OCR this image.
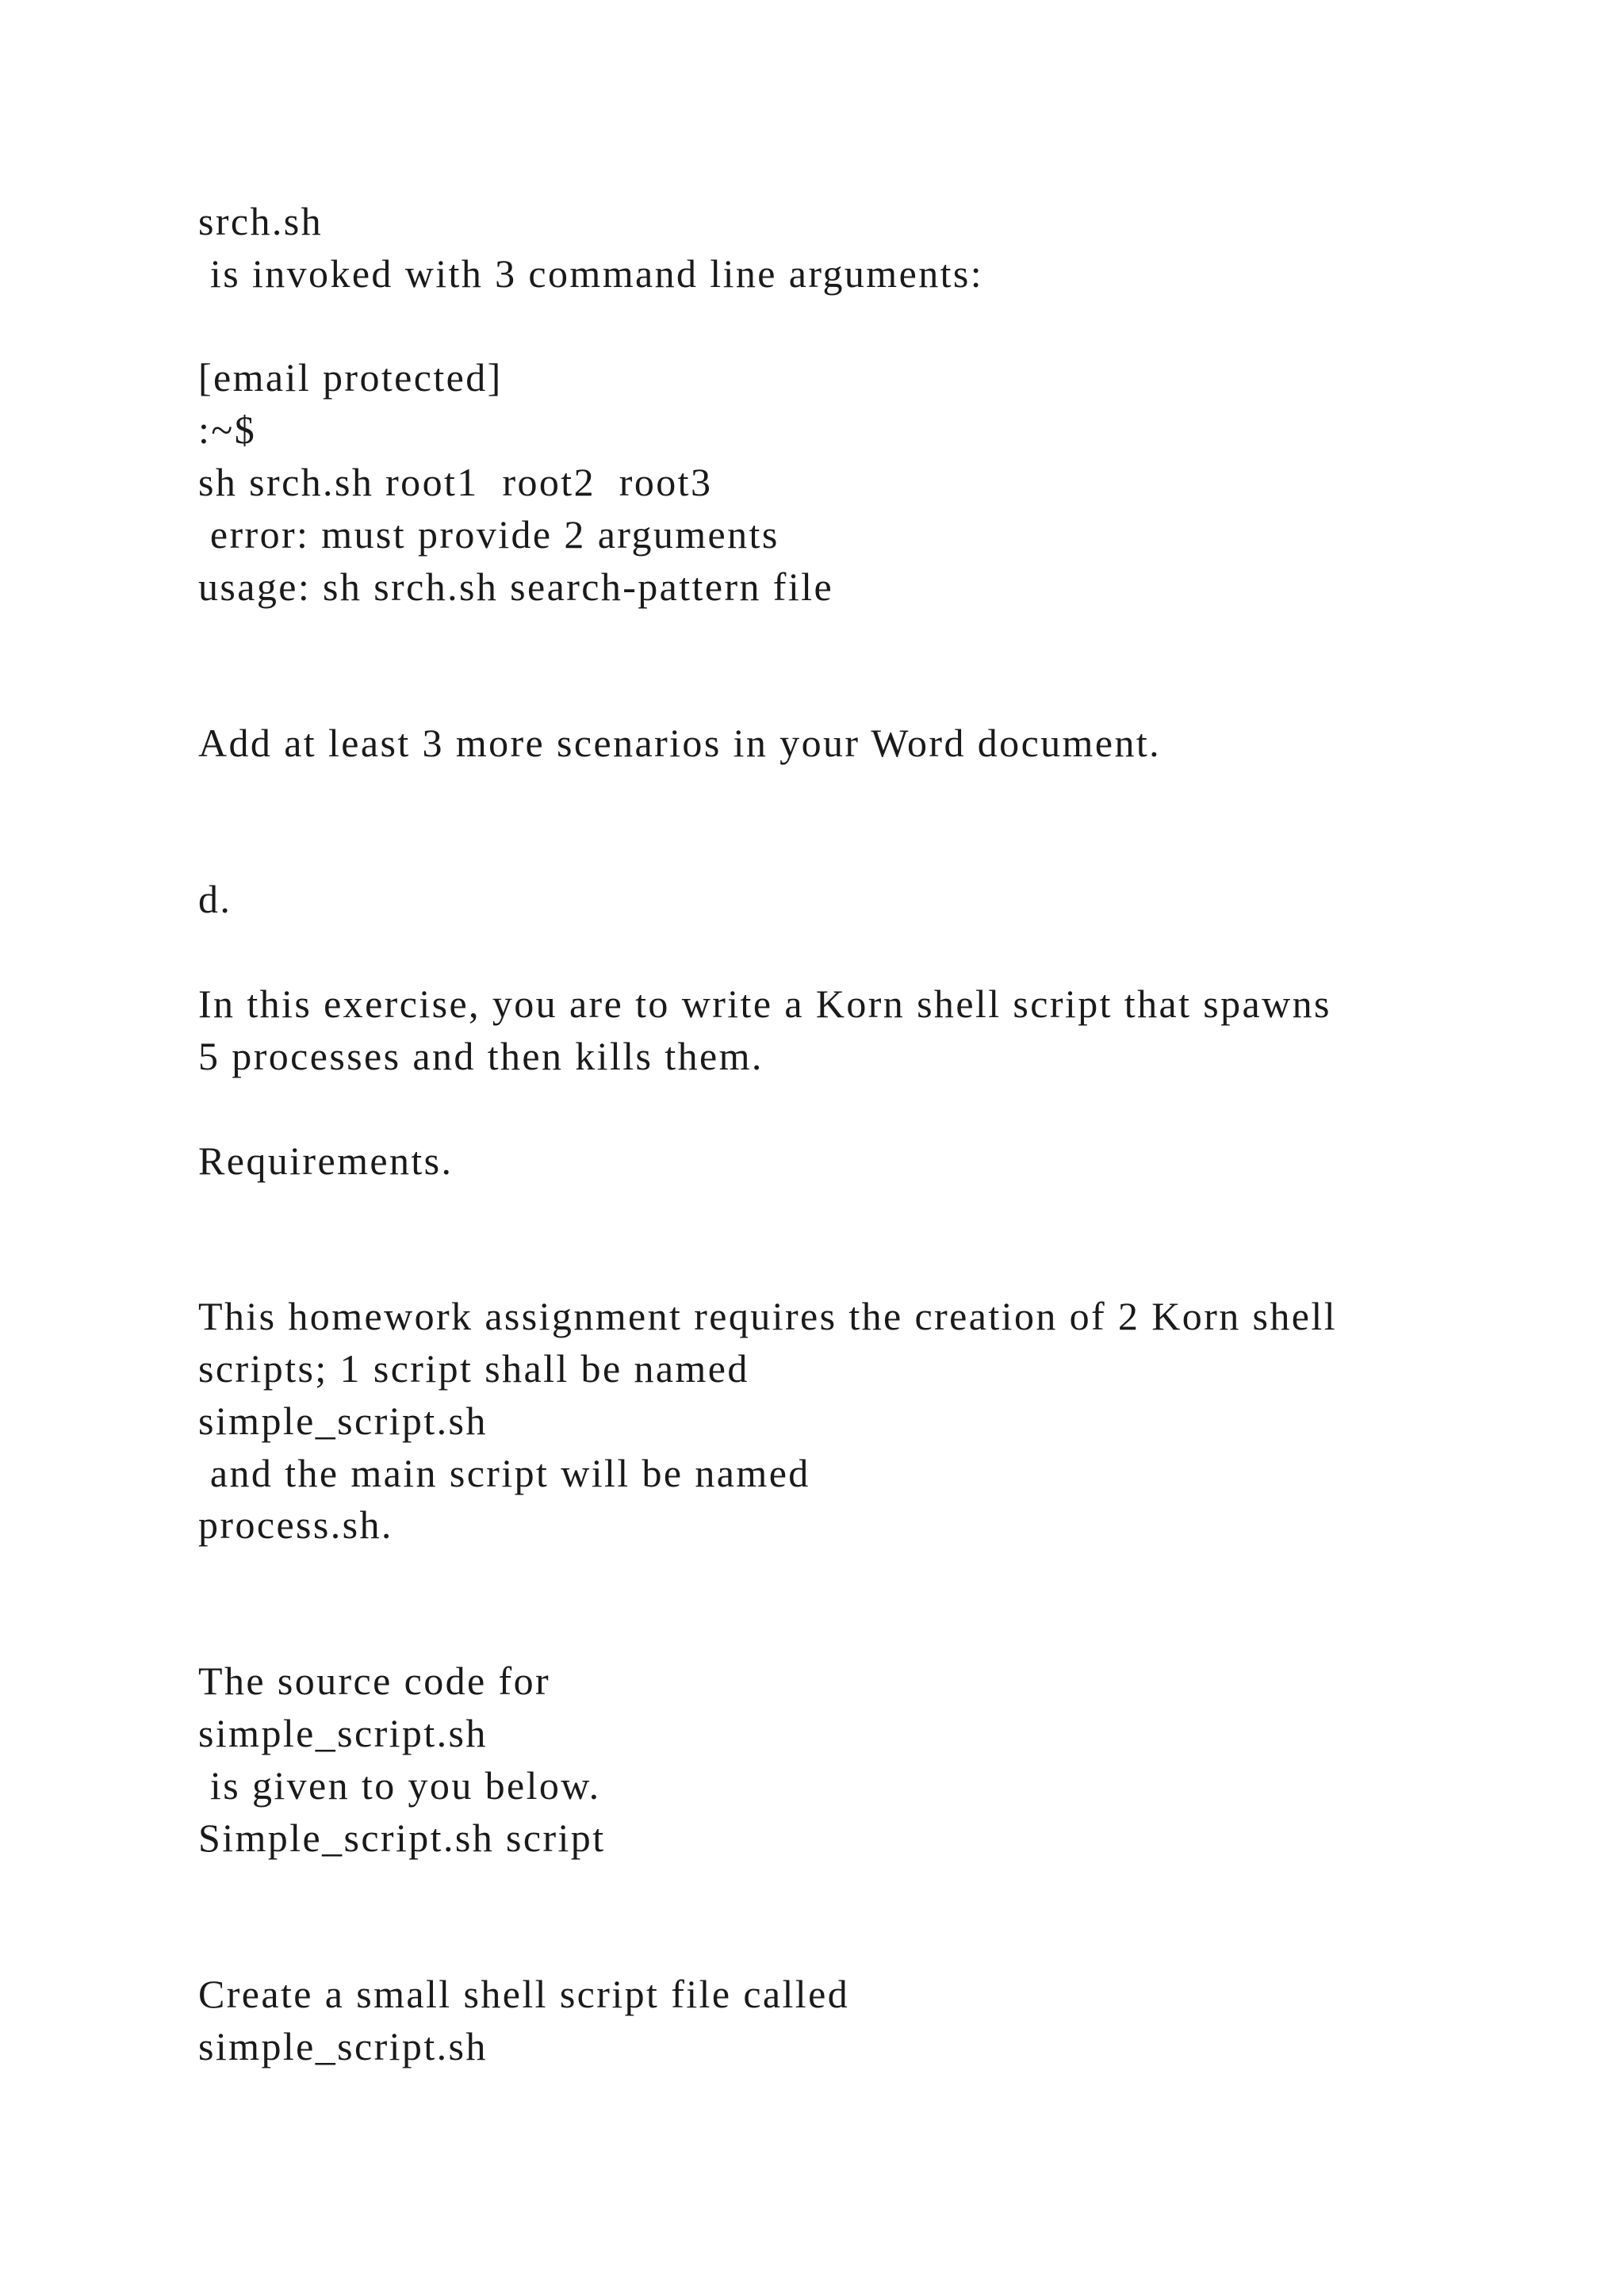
srch.sh
is invoked with 3 command line arguments:
[email protected]
:~$
sh srch.sh root1  root2  root3
error: must provide 2 arguments
usage: sh srch.sh search-pattern file
Add at least 3 more scenarios in your Word document.
d.
In this exercise, you are to write a Korn shell script that spawns
5 processes and then kills them.
Requirements.
This homework assignment requires the creation of 2 Korn shell
scripts; 1 script shall be named
simple_script.sh
and the main script will be named
process.sh.
The source code for
simple_script.sh
is given to you below.
Simple_script.sh script
Create a small shell script file called
simple_script.sh
